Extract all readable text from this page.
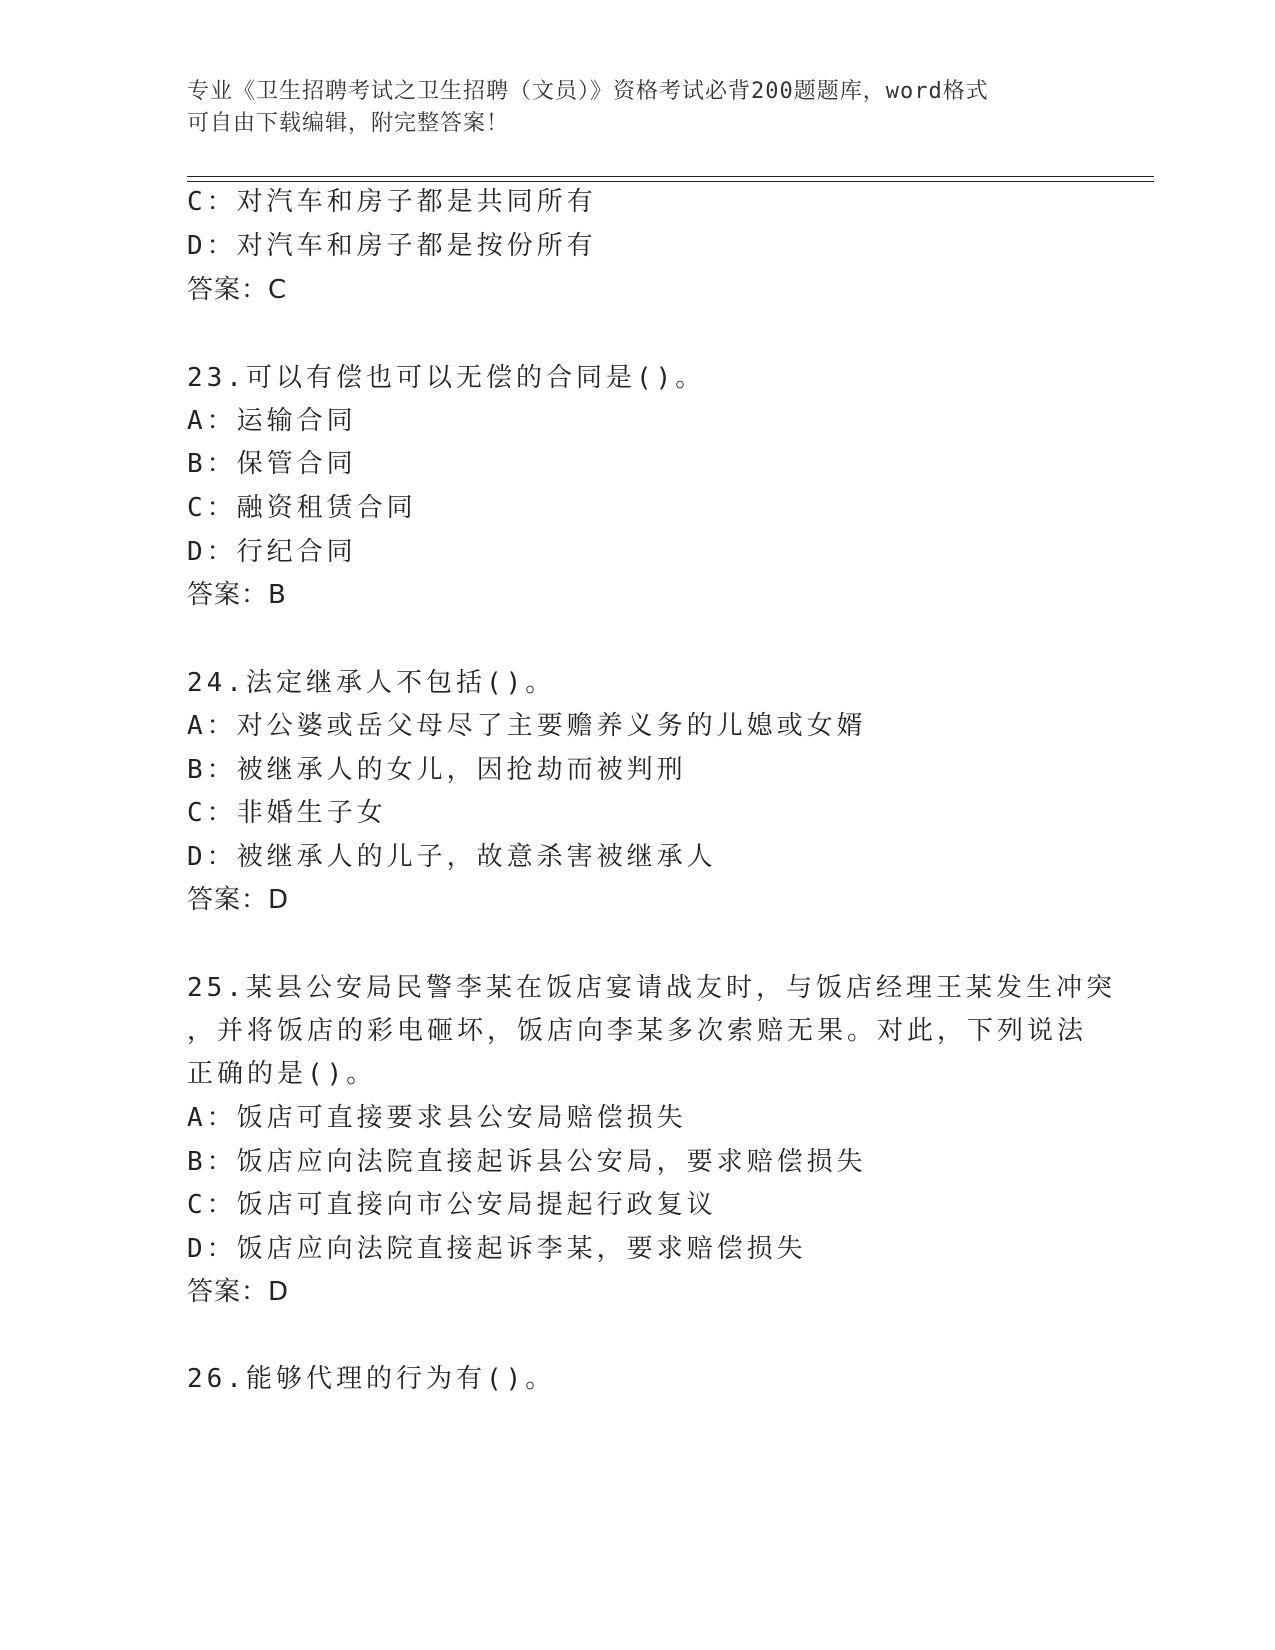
专业《卫生招聘考试之卫生招聘（文员）》资格考试必背200题题库，word格式
可自由下载编辑，附完整答案！
C：对汽车和房子都是共同所有
D：对汽车和房子都是按份所有
答案：C
23.可以有偿也可以无偿的合同是()。
A：运输合同
B：保管合同
C：融资租赁合同
D：行纪合同
答案：B
24.法定继承人不包括()。
A：对公婆或岳父母尽了主要赡养义务的儿媳或女婿
B：被继承人的女儿，因抢劫而被判刑
C：非婚生子女
D：被继承人的儿子，故意杀害被继承人
答案：D
25.某县公安局民警李某在饭店宴请战友时，与饭店经理王某发生冲突
，并将饭店的彩电砸坏，饭店向李某多次索赔无果。对此，下列说法
正确的是()。
A：饭店可直接要求县公安局赔偿损失
B：饭店应向法院直接起诉县公安局，要求赔偿损失
C：饭店可直接向市公安局提起行政复议
D：饭店应向法院直接起诉李某，要求赔偿损失
答案：D
26.能够代理的行为有()。
